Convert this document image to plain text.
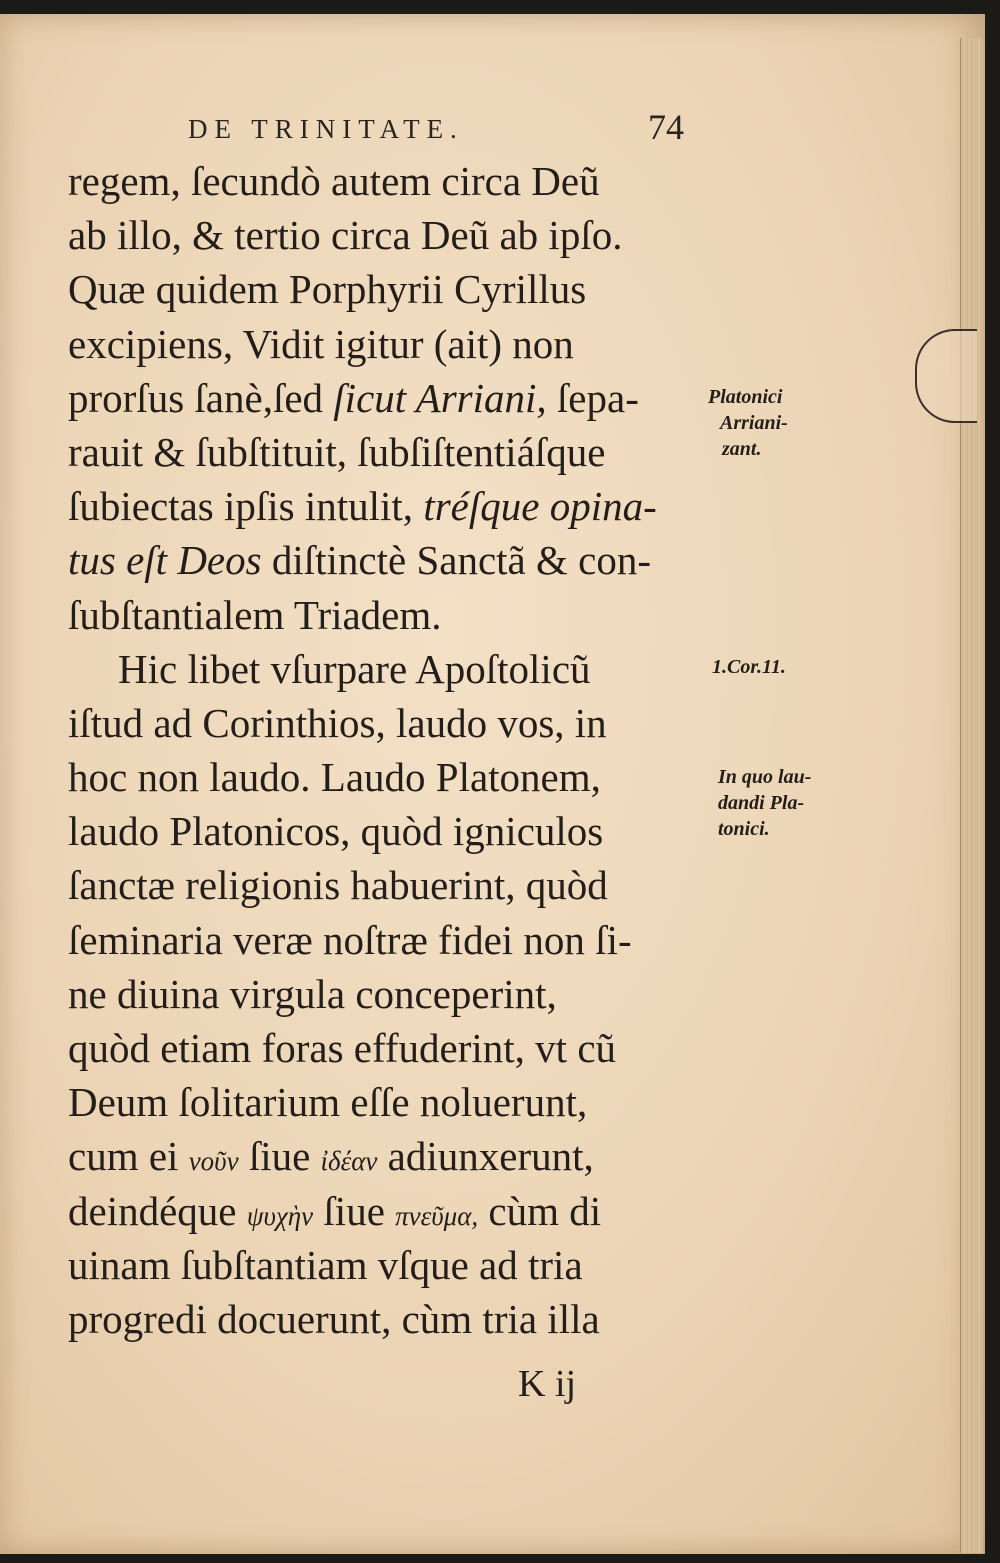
DE TRINITATE.	74
regem, ſecundò autem circa Deũ
ab illo, & tertio circa Deũ ab ipſo.
Quæ quidem Porphyrii Cyrillus
excipiens, Vidit igitur (ait) non
prorſus ſanè,ſed ſicut Arriani, ſepa-
rauit & ſubſtituit, ſubſiſtentiáſque
ſubiectas ipſis intulit, tréſque opina-
tus eſt Deos diſtinctè Sanctã & con-
ſubſtantialem Triadem.
Hic libet vſurpare Apoſtolicũ
iſtud ad Corinthios, laudo vos, in
hoc non laudo. Laudo Platonem,
laudo Platonicos, quòd igniculos
ſanctæ religionis habuerint, quòd
ſeminaria veræ noſtræ fidei non ſi-
ne diuina virgula conceperint,
quòd etiam foras effuderint, vt cũ
Deum ſolitarium eſſe noluerunt,
cum ei νοῦν ſiue ἰδέαν adiunxerunt,
deindéque ψυχὴν ſiue πνεῦμα, cùm di
uinam ſubſtantiam vſque ad tria
progredi docuerunt, cùm tria illa
Platonici
Arriani-
zant.
1.Cor.11.
In quo lau-
dandi Pla-
tonici.
K ij
